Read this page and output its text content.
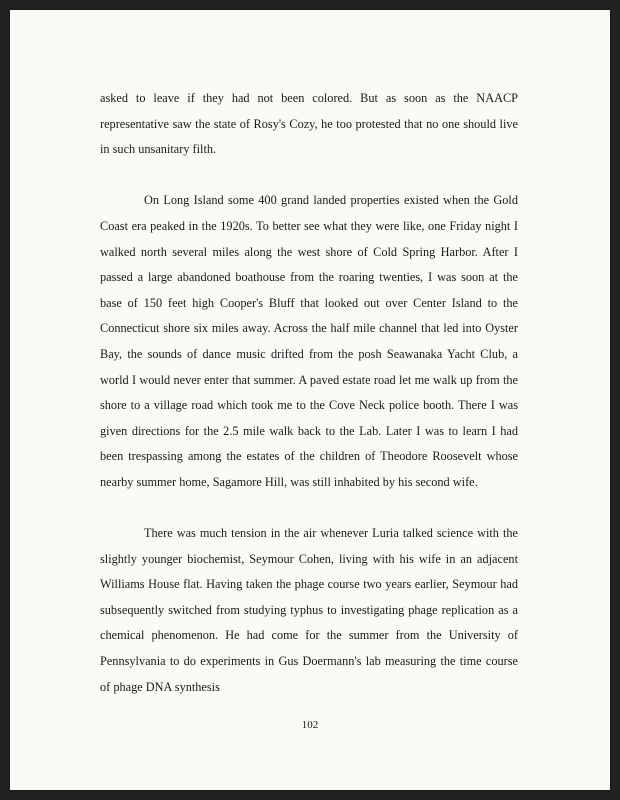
asked to leave if they had not been colored. But as soon as the NAACP representative saw the state of Rosy's Cozy, he too protested that no one should live in such unsanitary filth.

On Long Island some 400 grand landed properties existed when the Gold Coast era peaked in the 1920s. To better see what they were like, one Friday night I walked north several miles along the west shore of Cold Spring Harbor. After I passed a large abandoned boathouse from the roaring twenties, I was soon at the base of 150 feet high Cooper's Bluff that looked out over Center Island to the Connecticut shore six miles away. Across the half mile channel that led into Oyster Bay, the sounds of dance music drifted from the posh Seawanaka Yacht Club, a world I would never enter that summer. A paved estate road let me walk up from the shore to a village road which took me to the Cove Neck police booth. There I was given directions for the 2.5 mile walk back to the Lab. Later I was to learn I had been trespassing among the estates of the children of Theodore Roosevelt whose nearby summer home, Sagamore Hill, was still inhabited by his second wife.

There was much tension in the air whenever Luria talked science with the slightly younger biochemist, Seymour Cohen, living with his wife in an adjacent Williams House flat. Having taken the phage course two years earlier, Seymour had subsequently switched from studying typhus to investigating phage replication as a chemical phenomenon. He had come for the summer from the University of Pennsylvania to do experiments in Gus Doermann's lab measuring the time course of phage DNA synthesis

102
